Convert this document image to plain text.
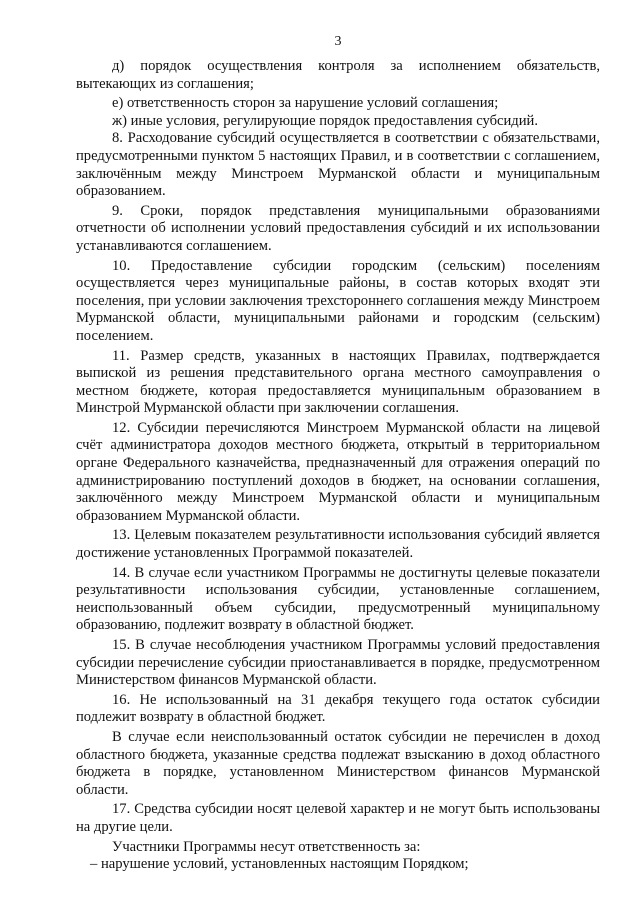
3

д) порядок осуществления контроля за исполнением обязательств, вытекающих из соглашения;

е) ответственность сторон за нарушение условий соглашения;

ж) иные условия, регулирующие порядок предоставления субсидий.

8. Расходование субсидий осуществляется в соответствии с обязательствами, предусмотренными пунктом 5 настоящих Правил, и в соответствии с соглашением, заключённым между Минстроем Мурманской области и муниципальным образованием.

9. Сроки, порядок представления муниципальными образованиями отчетности об исполнении условий предоставления субсидий и их использовании устанавливаются соглашением.

10. Предоставление субсидии городским (сельским) поселениям осуществляется через муниципальные районы, в состав которых входят эти поселения, при условии заключения трехстороннего соглашения между Минстроем Мурманской области, муниципальными районами и городским (сельским) поселением.

11. Размер средств, указанных в настоящих Правилах, подтверждается выпиской из решения представительного органа местного самоуправления о местном бюджете, которая предоставляется муниципальным образованием в Минстрой Мурманской области при заключении соглашения.

12. Субсидии перечисляются Минстроем Мурманской области на лицевой счёт администратора доходов местного бюджета, открытый в территориальном органе Федерального казначейства, предназначенный для отражения операций по администрированию поступлений доходов в бюджет, на основании соглашения, заключённого между Минстроем Мурманской области и муниципальным образованием Мурманской области.

13. Целевым показателем результативности использования субсидий является достижение установленных Программой показателей.

14. В случае если участником Программы не достигнуты целевые показатели результативности использования субсидии, установленные соглашением, неиспользованный объем субсидии, предусмотренный муниципальному образованию, подлежит возврату в областной бюджет.

15. В случае несоблюдения участником Программы условий предоставления субсидии перечисление субсидии приостанавливается в порядке, предусмотренном Министерством финансов Мурманской области.

16. Не использованный на 31 декабря текущего года остаток субсидии подлежит возврату в областной бюджет.

В случае если неиспользованный остаток субсидии не перечислен в доход областного бюджета, указанные средства подлежат взысканию в доход областного бюджета в порядке, установленном Министерством финансов Мурманской области.

17. Средства субсидии носят целевой характер и не могут быть использованы на другие цели.

Участники Программы несут ответственность за:

– нарушение условий, установленных настоящим Порядком;
